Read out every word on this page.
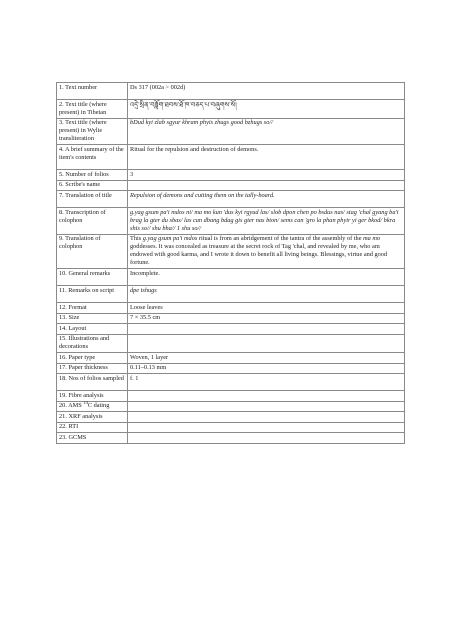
1. Text number	Ds 317 (002a > 002d)
2. Text title (where present) in Tibetan	འདྲེ་སྲིན་བཟློག་ཐབས་ཐོ་ཁ་བཅད་པ་བཞུགས་སོ།
3. Text title (where present) in Wylie transliteration	bDud kyi zlab sgyur khram phyis zhugs good bzhugs so//
4. A brief summary of the item's contents	Ritual for the repulsion and destruction of demons.
5. Number of folios	3
6. Scribe's name	
7. Translation of title	Repulsion of demons and cutting them on the tally-board.
8. Transcription of colophon	g.yag gsum pa'i mdos ni/ ma mo kun 'dus kyi rgyud las/ slob dpon chen po bsdus nas/ stag 'chal gyang ba'i brag la gter du sbas/ las can dbang bdag gis gter nas bton/ sems can 'gro la phan phyir yi ger bkod/ bkra shis so// shu bha// 1 shu so//
9. Translation of colophon	This g.yag gsum pa'i mdos ritual is from an abridgement of the tantra of the assembly of the ma mo goddesses. It was concealed as treasure at the secret rock of Tag 'chal, and revealed by me, who am endowed with good karma, and I wrote it down to benefit all living beings. Blessings, virtue and good fortune.
10. General remarks	Incomplete.
11. Remarks on script	dpe tshugs
12. Format	Loose leaves
13. Size	7 × 35.5 cm
14. Layout	
15. Illustrations and decorations	
16. Paper type	Woven, 1 layer
17. Paper thickness	0.11–0.13 mm
18. Nos of folios sampled	f. 1
19. Fibre analysis	
20. AMS $^{14}$C dating	
21. XRF analysis	
22. RTI	
23. GCMS	
